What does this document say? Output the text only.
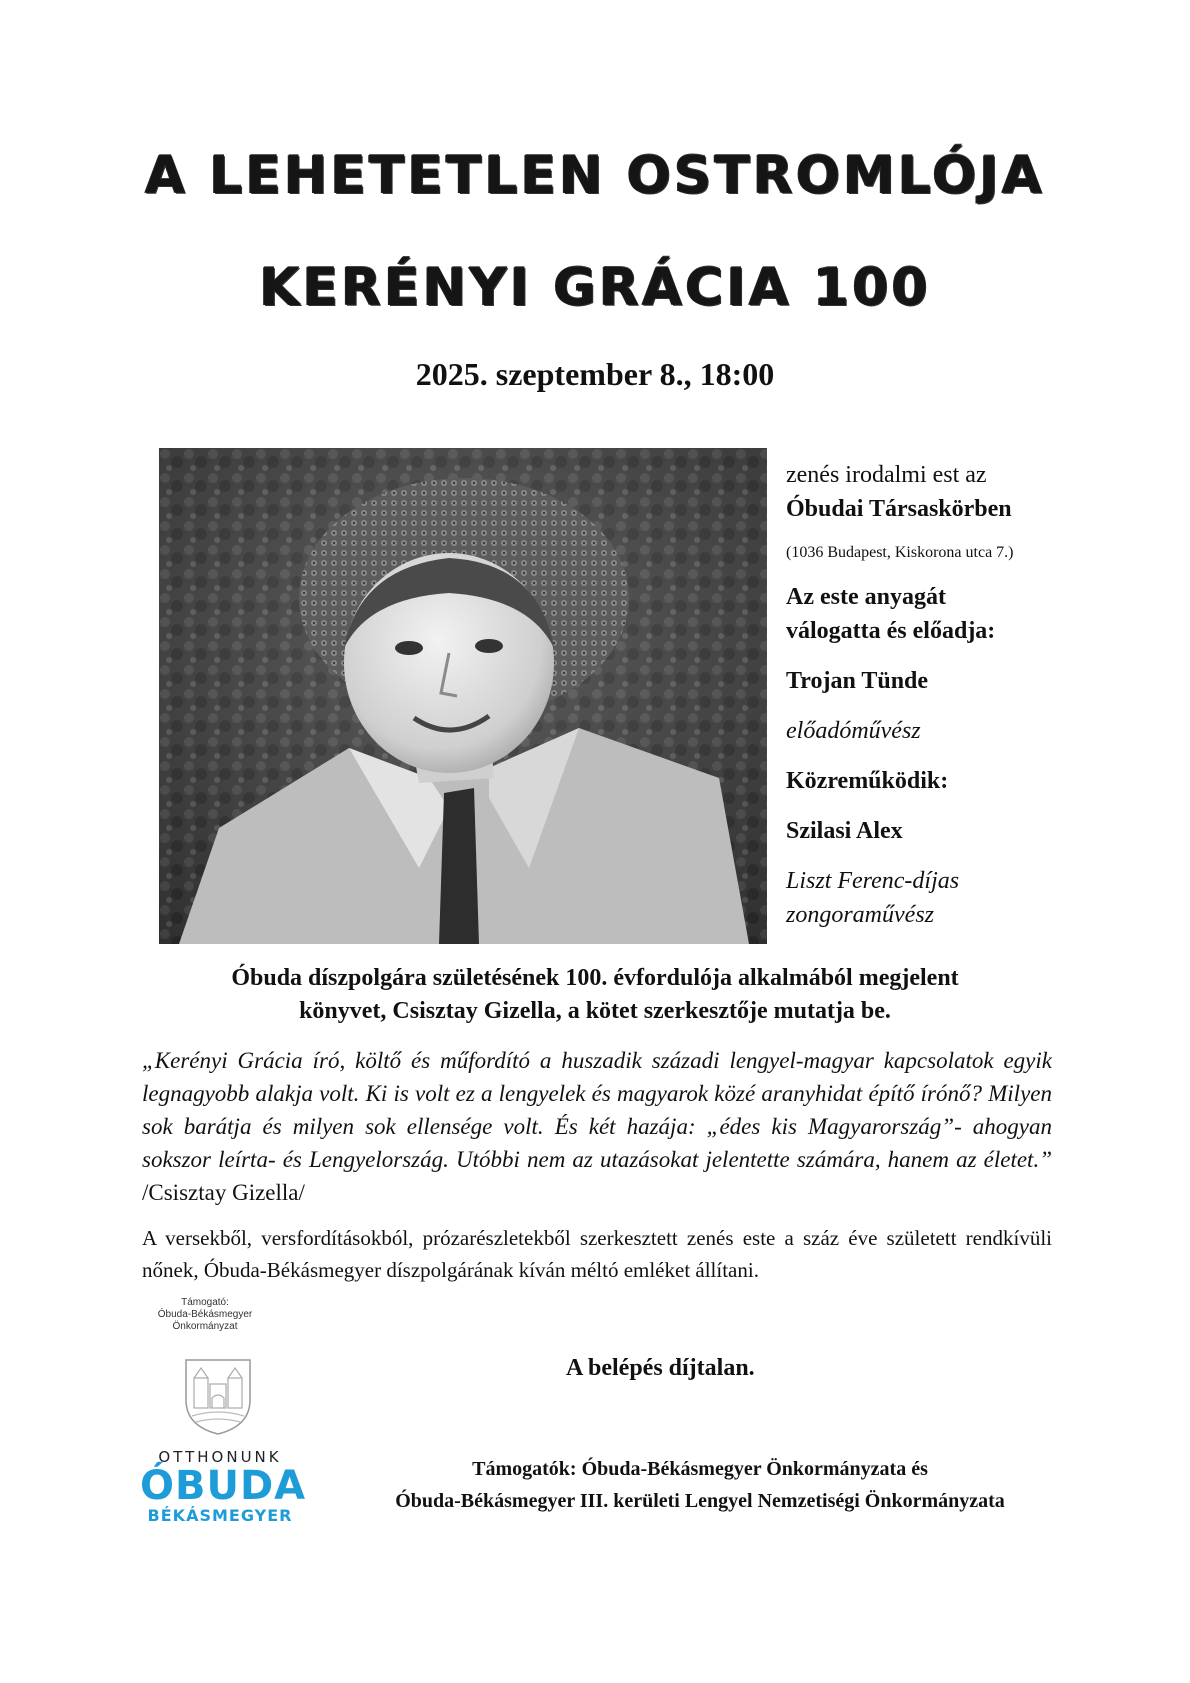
A LEHETETLEN OSTROMLÓJA
KERÉNYI GRÁCIA 100
2025. szeptember 8., 18:00
zenés irodalmi est az
Óbudai Társaskörben
(1036 Budapest, Kiskorona utca 7.)
Az este anyagát
válogatta és előadja:
Trojan Tünde
előadóművész
Közreműködik:
Szilasi Alex
Liszt Ferenc-díjas
zongoraművész
Óbuda díszpolgára születésének 100. évfordulója alkalmából megjelent
könyvet, Csisztay Gizella, a kötet szerkesztője mutatja be.
„Kerényi Grácia író, költő és műfordító a huszadik századi lengyel-magyar kapcsolatok egyik legnagyobb alakja volt. Ki is volt ez a lengyelek és magyarok közé aranyhidat építő írónő? Milyen sok barátja és milyen sok ellensége volt. És két hazája: „édes kis Magyarország”- ahogyan sokszor leírta- és Lengyelország. Utóbbi nem az utazásokat jelentette számára, hanem az életet.” /Csisztay Gizella/
A versekből, versfordításokból, prózarészletekből szerkesztett zenés este a száz éve született rendkívüli nőnek, Óbuda-Békásmegyer díszpolgárának kíván méltó emléket állítani.
Támogató:
Óbuda-Békásmegyer
Önkormányzat
A belépés díjtalan.
OTTHONUNK
ÓBUDA
BÉKÁSMEGYER
Támogatók: Óbuda-Békásmegyer Önkormányzata és
Óbuda-Békásmegyer III. kerületi Lengyel Nemzetiségi Önkormányzata
